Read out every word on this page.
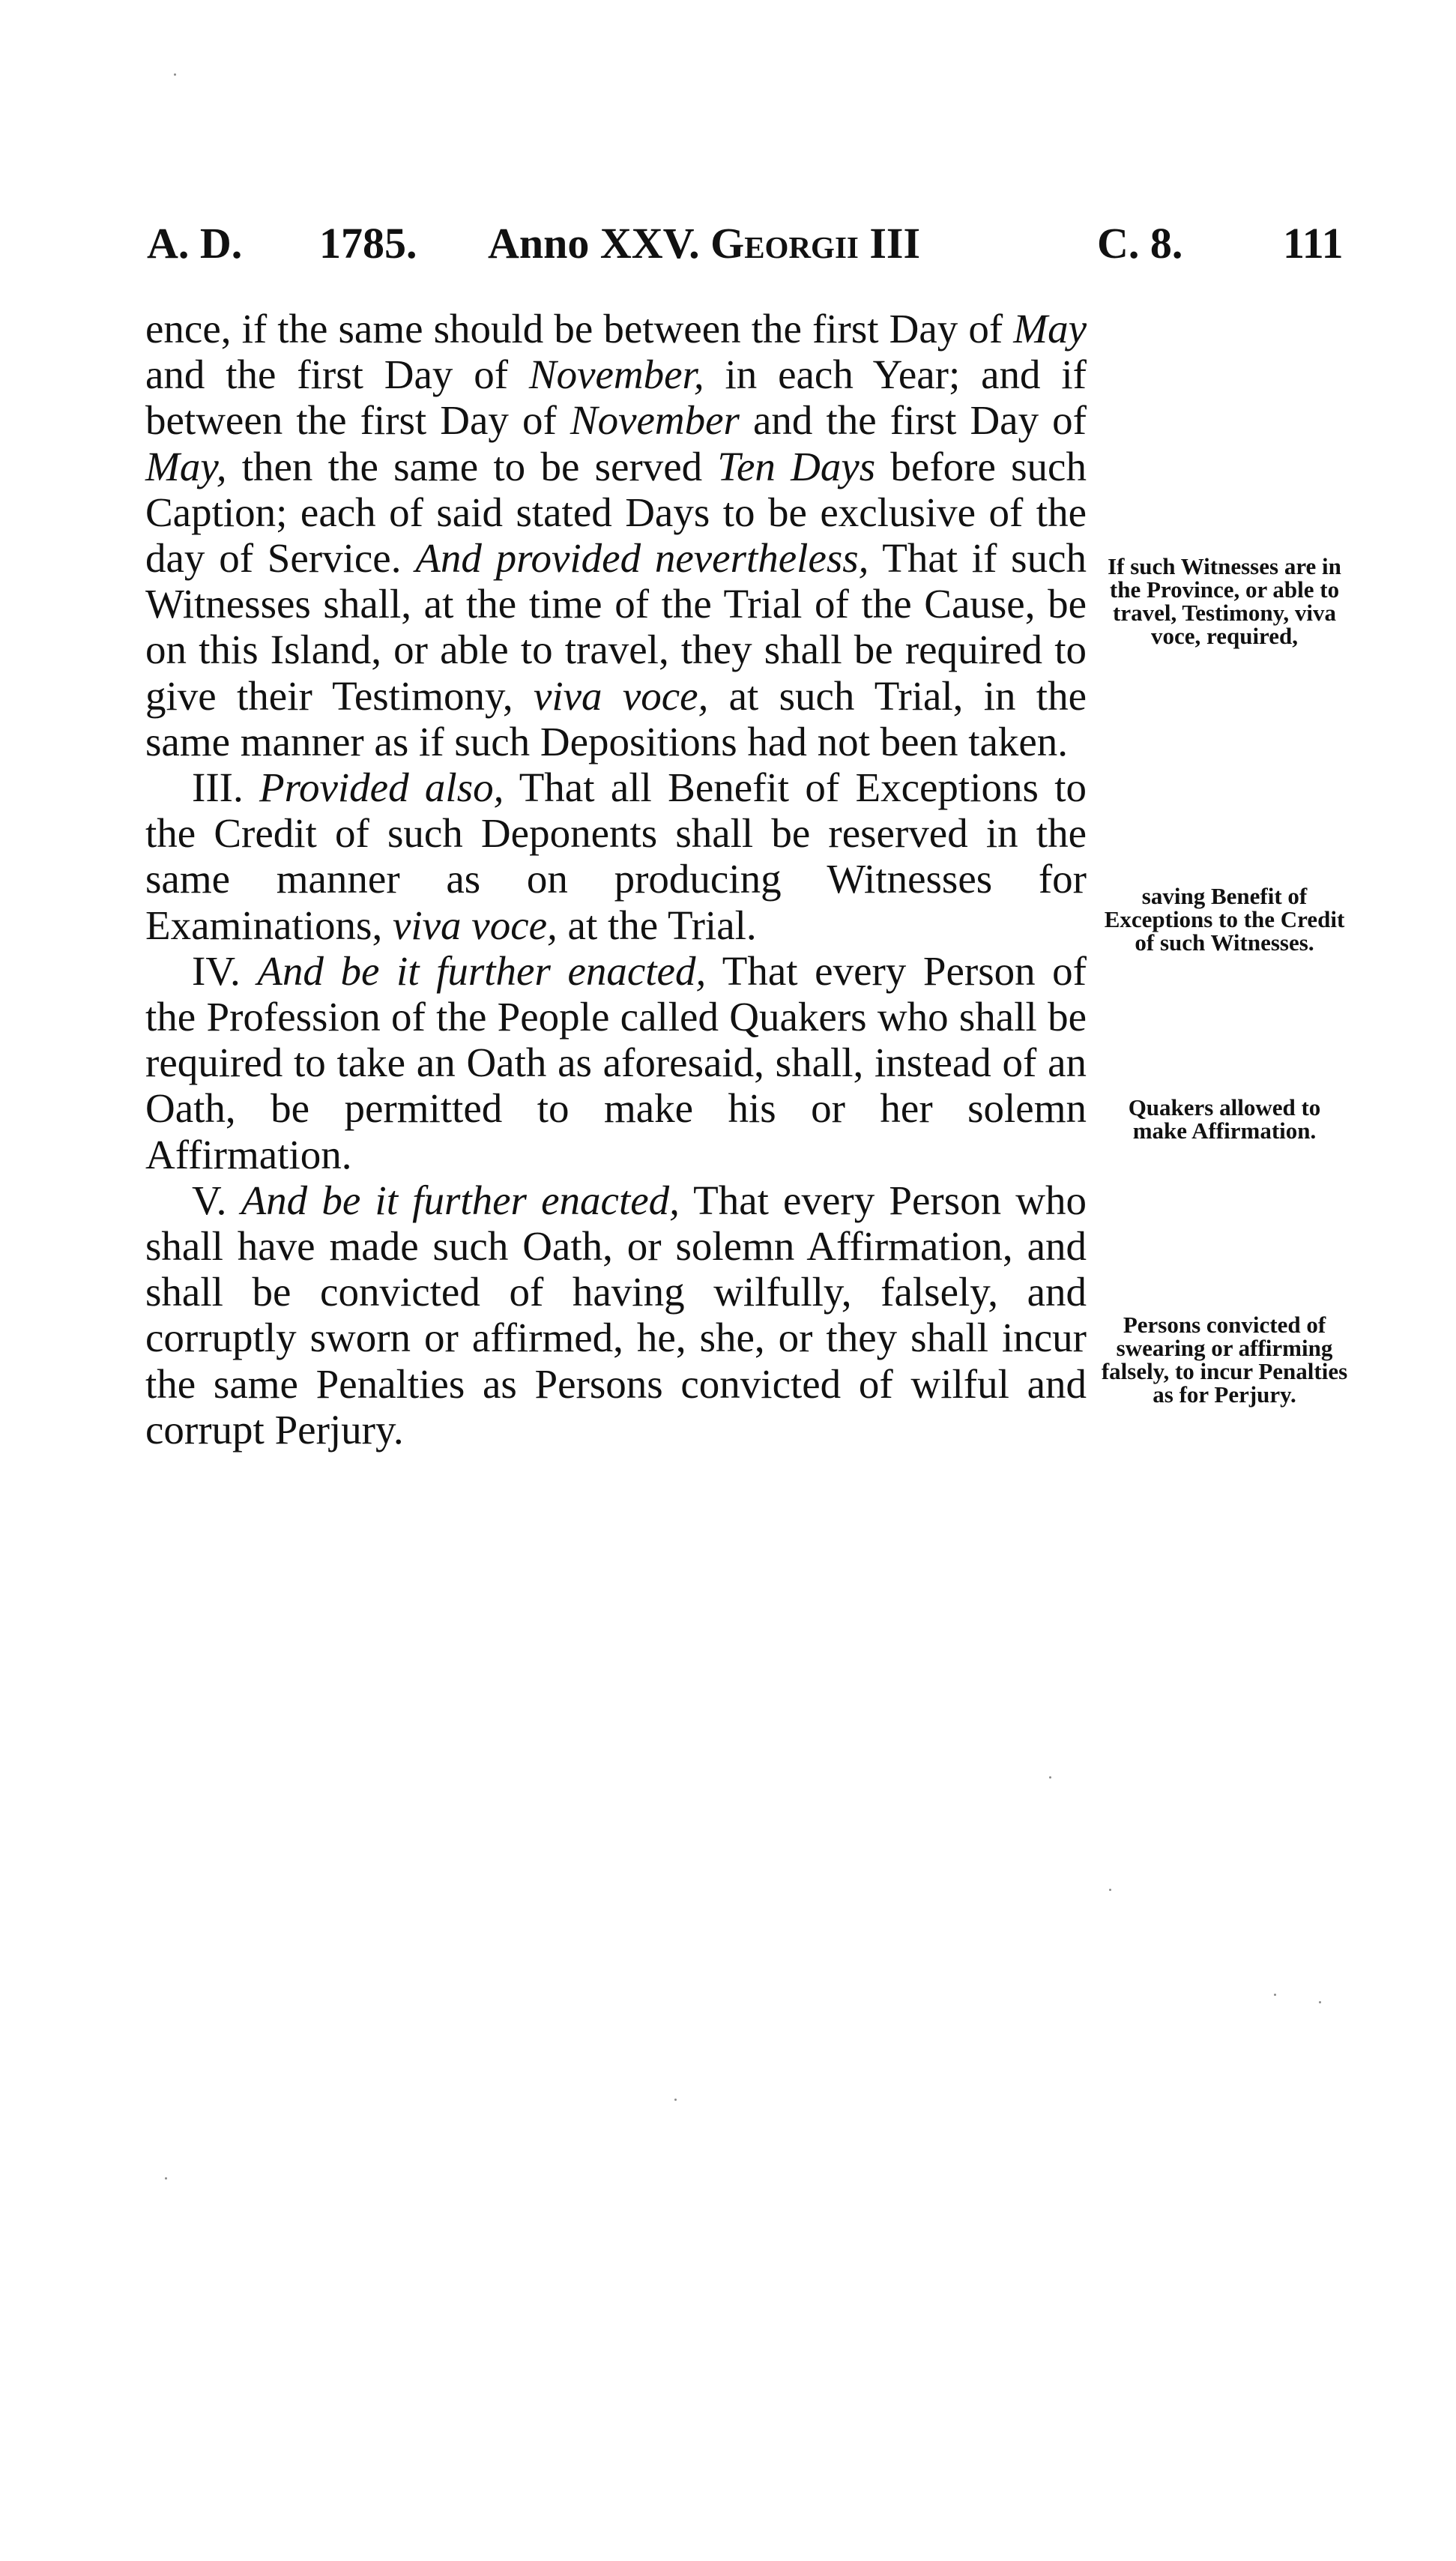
A. D. 1785. Anno XXV. Georgii III	C. 8. 111

ence, if the same should be between the first Day of May and the first Day of November, in each Year; and if between the first Day of November and the first Day of May, then the same to be served Ten Days before such Caption; each of said stated Days to be exclusive of the day of Service. And provided nevertheless, That if such Witnesses shall, at the time of the Trial of the Cause, be on this Island, or able to travel, they shall be required to give their Testimony, viva voce, at such Trial, in the same manner as if such Depositions had not been taken.

III. Provided also, That all Benefit of Exceptions to the Credit of such Deponents shall be reserved in the same manner as on producing Witnesses for Examinations, viva voce, at the Trial.

IV. And be it further enacted, That every Person of the Profession of the People called Quakers who shall be required to take an Oath as aforesaid, shall, instead of an Oath, be permitted to make his or her solemn Affirmation.

V. And be it further enacted, That every Person who shall have made such Oath, or solemn Affirmation, and shall be convicted of having wilfully, falsely, and corruptly sworn or affirmed, he, she, or they shall incur the same Penalties as Persons convicted of wilful and corrupt Perjury.

If such Witnesses are in the Province, or able to travel, Testimony, viva voce, required,
saving Benefit of Exceptions to the Credit of such Witnesses.
Quakers allowed to make Affirmation.
Persons convicted of swearing or affirming falsely, to incur Penalties as for Perjury.
